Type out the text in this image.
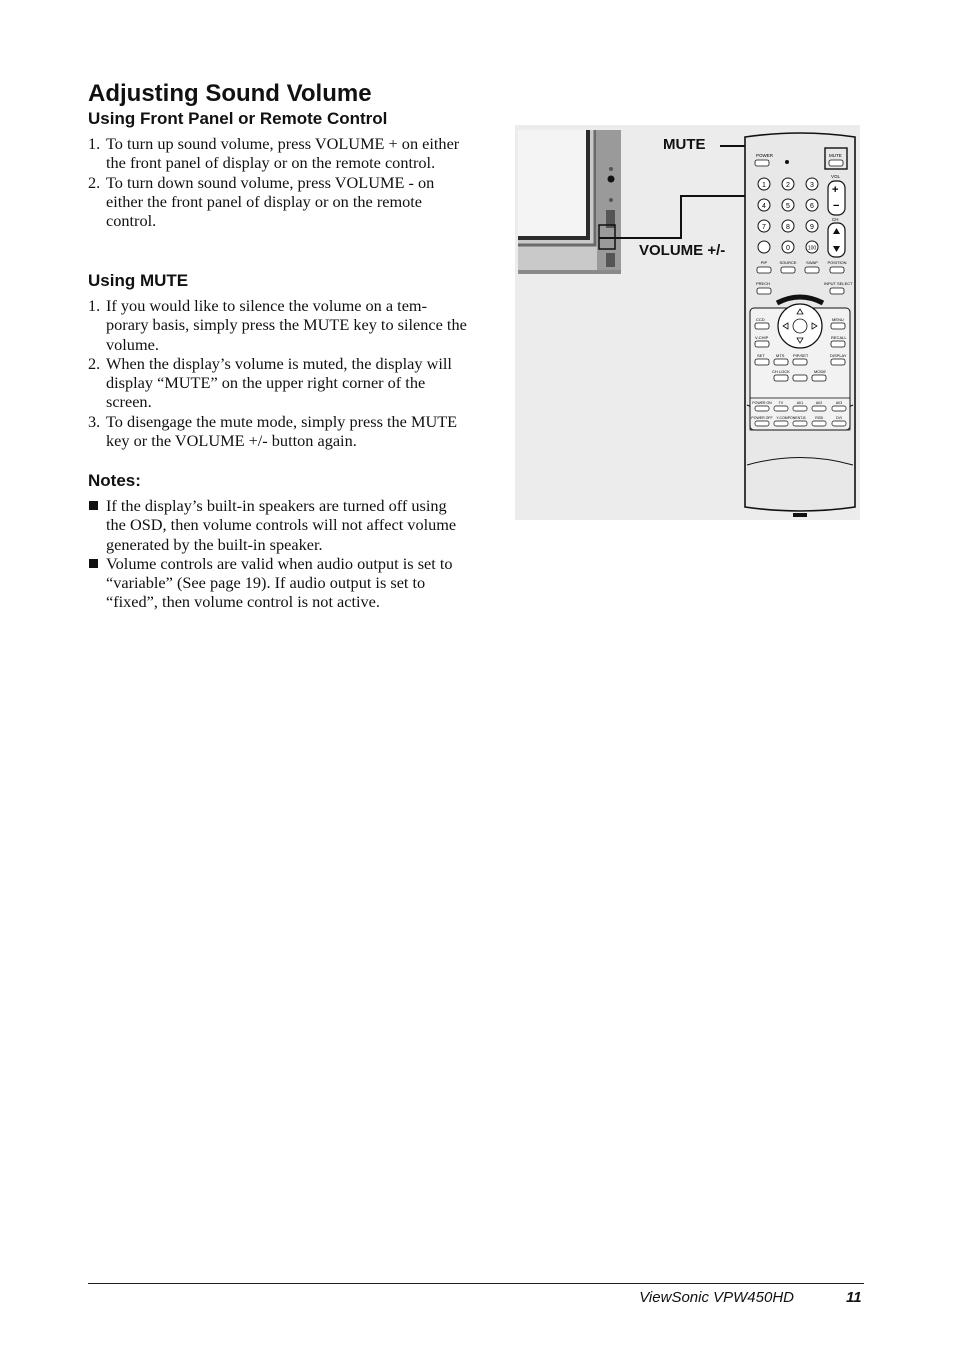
Adjusting Sound Volume
Using Front Panel or Remote Control
1. To turn up sound volume, press VOLUME + on either the front panel of display or on the remote control.
2. To turn down sound volume, press VOLUME - on either the front panel of display or on the remote control.
Using MUTE
1. If you would like to silence the volume on a tem-porary basis, simply press the MUTE key to silence the volume.
2. When the display’s volume is muted, the display will display “MUTE” on the upper right corner of the screen.
3. To disengage the mute mode, simply press the MUTE key or the VOLUME +/- button again.
Notes:
If the display’s built-in speakers are turned off using the OSD, then volume controls will not affect volume generated by the built-in speaker.
Volume controls are valid when audio output is set to “variable” (See page 19). If audio output is set to “fixed”, then volume control is not active.
POWER	MUTE
VOL
+
−
CH
1	2	3
4	5	6
7	8	9
0	100
PIP	SOURCE SWAP POSITION
PRECH	INPUT SELECT
CCD	MENU
V-CHIP	RECALL
SET	MTS PIP/SET	DISPLAY
CH LOCK	MODE
POWER ON TV	AV1	AV2	AV3
POWER OFF Y-COMPONENT-B	RGB	DVI
MUTE
VOLUME +/-
ViewSonic VPW450HD	11
